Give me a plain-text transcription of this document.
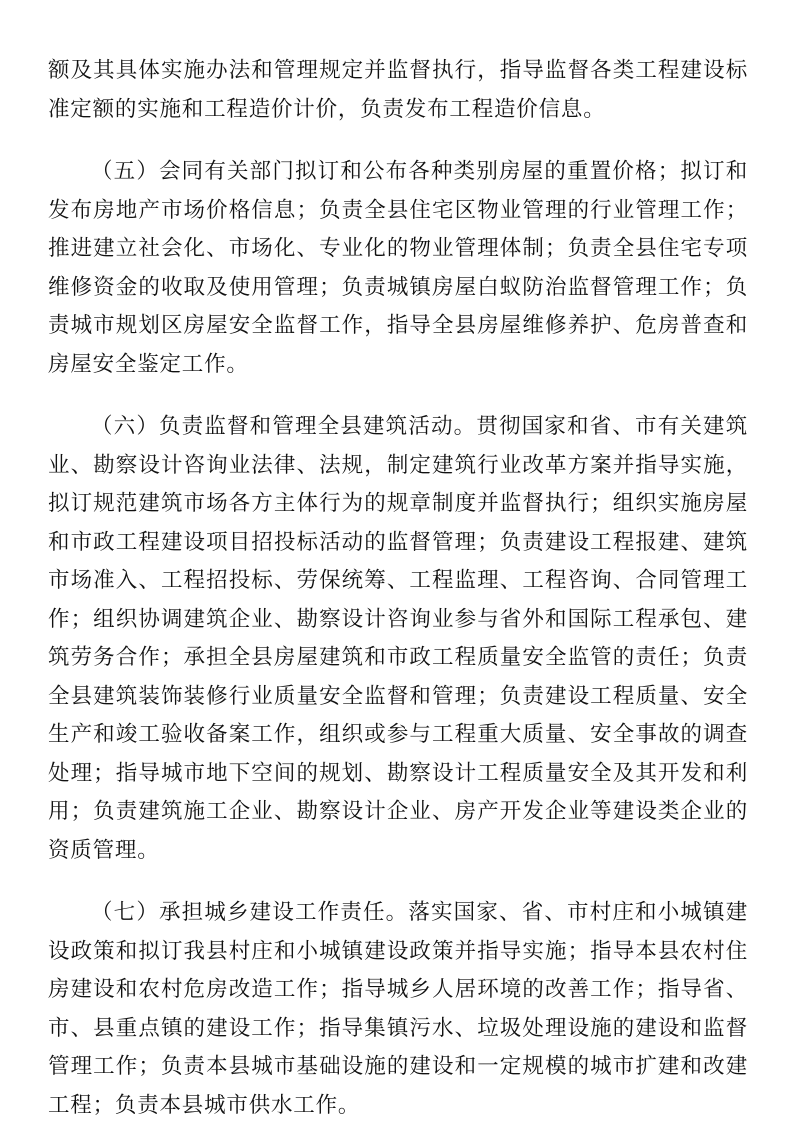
额及其具体实施办法和管理规定并监督执行，指导监督各类工程建设标准定额的实施和工程造价计价，负责发布工程造价信息。

（五）会同有关部门拟订和公布各种类别房屋的重置价格；拟订和发布房地产市场价格信息；负责全县住宅区物业管理的行业管理工作；推进建立社会化、市场化、专业化的物业管理体制；负责全县住宅专项维修资金的收取及使用管理；负责城镇房屋白蚁防治监督管理工作；负责城市规划区房屋安全监督工作，指导全县房屋维修养护、危房普查和房屋安全鉴定工作。

（六）负责监督和管理全县建筑活动。贯彻国家和省、市有关建筑业、勘察设计咨询业法律、法规，制定建筑行业改革方案并指导实施，拟订规范建筑市场各方主体行为的规章制度并监督执行；组织实施房屋和市政工程建设项目招投标活动的监督管理；负责建设工程报建、建筑市场准入、工程招投标、劳保统筹、工程监理、工程咨询、合同管理工作；组织协调建筑企业、勘察设计咨询业参与省外和国际工程承包、建筑劳务合作；承担全县房屋建筑和市政工程质量安全监管的责任；负责全县建筑装饰装修行业质量安全监督和管理；负责建设工程质量、安全生产和竣工验收备案工作，组织或参与工程重大质量、安全事故的调查处理；指导城市地下空间的规划、勘察设计工程质量安全及其开发和利用；负责建筑施工企业、勘察设计企业、房产开发企业等建设类企业的资质管理。

（七）承担城乡建设工作责任。落实国家、省、市村庄和小城镇建设政策和拟订我县村庄和小城镇建设政策并指导实施；指导本县农村住房建设和农村危房改造工作；指导城乡人居环境的改善工作；指导省、市、县重点镇的建设工作；指导集镇污水、垃圾处理设施的建设和监督管理工作；负责本县城市基础设施的建设和一定规模的城市扩建和改建工程；负责本县城市供水工作。
